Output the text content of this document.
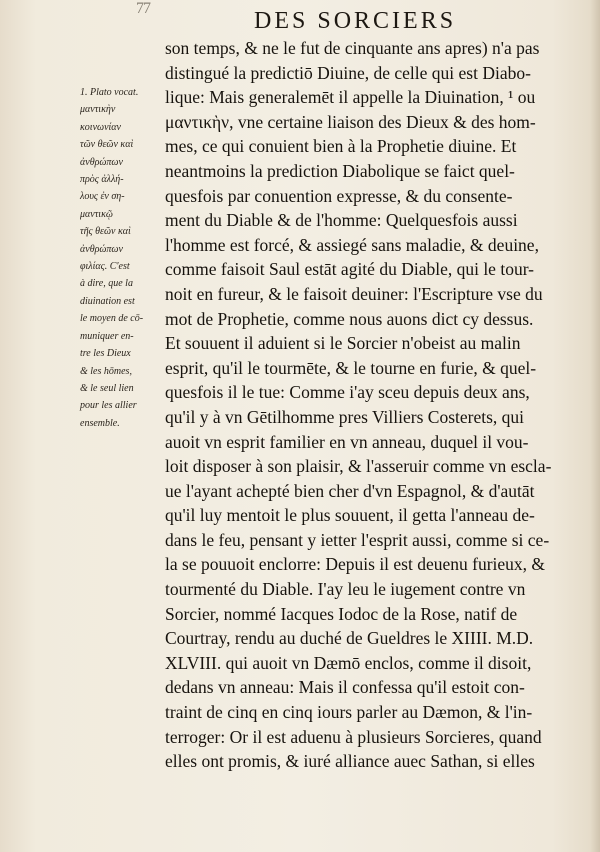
77	DES SORCIERS
1. Plato vocat.
μαντικὴν
κοινωνίαν
τῶν θεῶν καὶ
ἀνθρώπων
πρὸς ἀλλή-
λους ἐν ση-
μαντικῷ
τῆς θεῶν καὶ
ἀνθρώπων
φιλίας. C'est
à dire, que la
diuination est
le moyen de cō-
muniquer en-
tre les Dieux
& les hōmes,
& le seul lien
pour les allier
ensemble.
son temps, & ne le fut de cinquante ans apres) n'a pas
distingué la predictiō Diuine, de celle qui est Diabo-
lique: Mais generalemēt il appelle la Diuination, ¹ ou
μαντικὴν, vne certaine liaison des Dieux & des hom-
mes, ce qui conuient bien à la Prophetie diuine. Et
neantmoins la prediction Diabolique se faict quel-
quesfois par conuention expresse, & du consente-
ment du Diable & de l'homme: Quelquesfois aussi
l'homme est forcé, & assiegé sans maladie, & deuine,
comme faisoit Saul estāt agité du Diable, qui le tour-
noit en fureur, & le faisoit deuiner: l'Escripture vse du
mot de Prophetie, comme nous auons dict cy dessus.
Et souuent il aduient si le Sorcier n'obeist au malin
esprit, qu'il le tourmēte, & le tourne en furie, & quel-
quesfois il le tue: Comme i'ay sceu depuis deux ans,
qu'il y à vn Gētilhomme pres Villiers Costerets, qui
auoit vn esprit familier en vn anneau, duquel il vou-
loit disposer à son plaisir, & l'asseruir comme vn escla-
ue l'ayant achepté bien cher d'vn Espagnol, & d'autāt
qu'il luy mentoit le plus souuent, il getta l'anneau de-
dans le feu, pensant y ietter l'esprit aussi, comme si ce-
la se pouuoit enclorre: Depuis il est deuenu furieux, &
tourmenté du Diable. I'ay leu le iugement contre vn
Sorcier, nommé Iacques Iodoc de la Rose, natif de
Courtray, rendu au duché de Gueldres le XIIII. M.D.
XLVIII. qui auoit vn Dæmō enclos, comme il disoit,
dedans vn anneau: Mais il confessa qu'il estoit con-
traint de cinq en cinq iours parler au Dæmon, & l'in-
terroger: Or il est aduenu à plusieurs Sorcieres, quand
elles ont promis, & iuré alliance auec Sathan, si elles
